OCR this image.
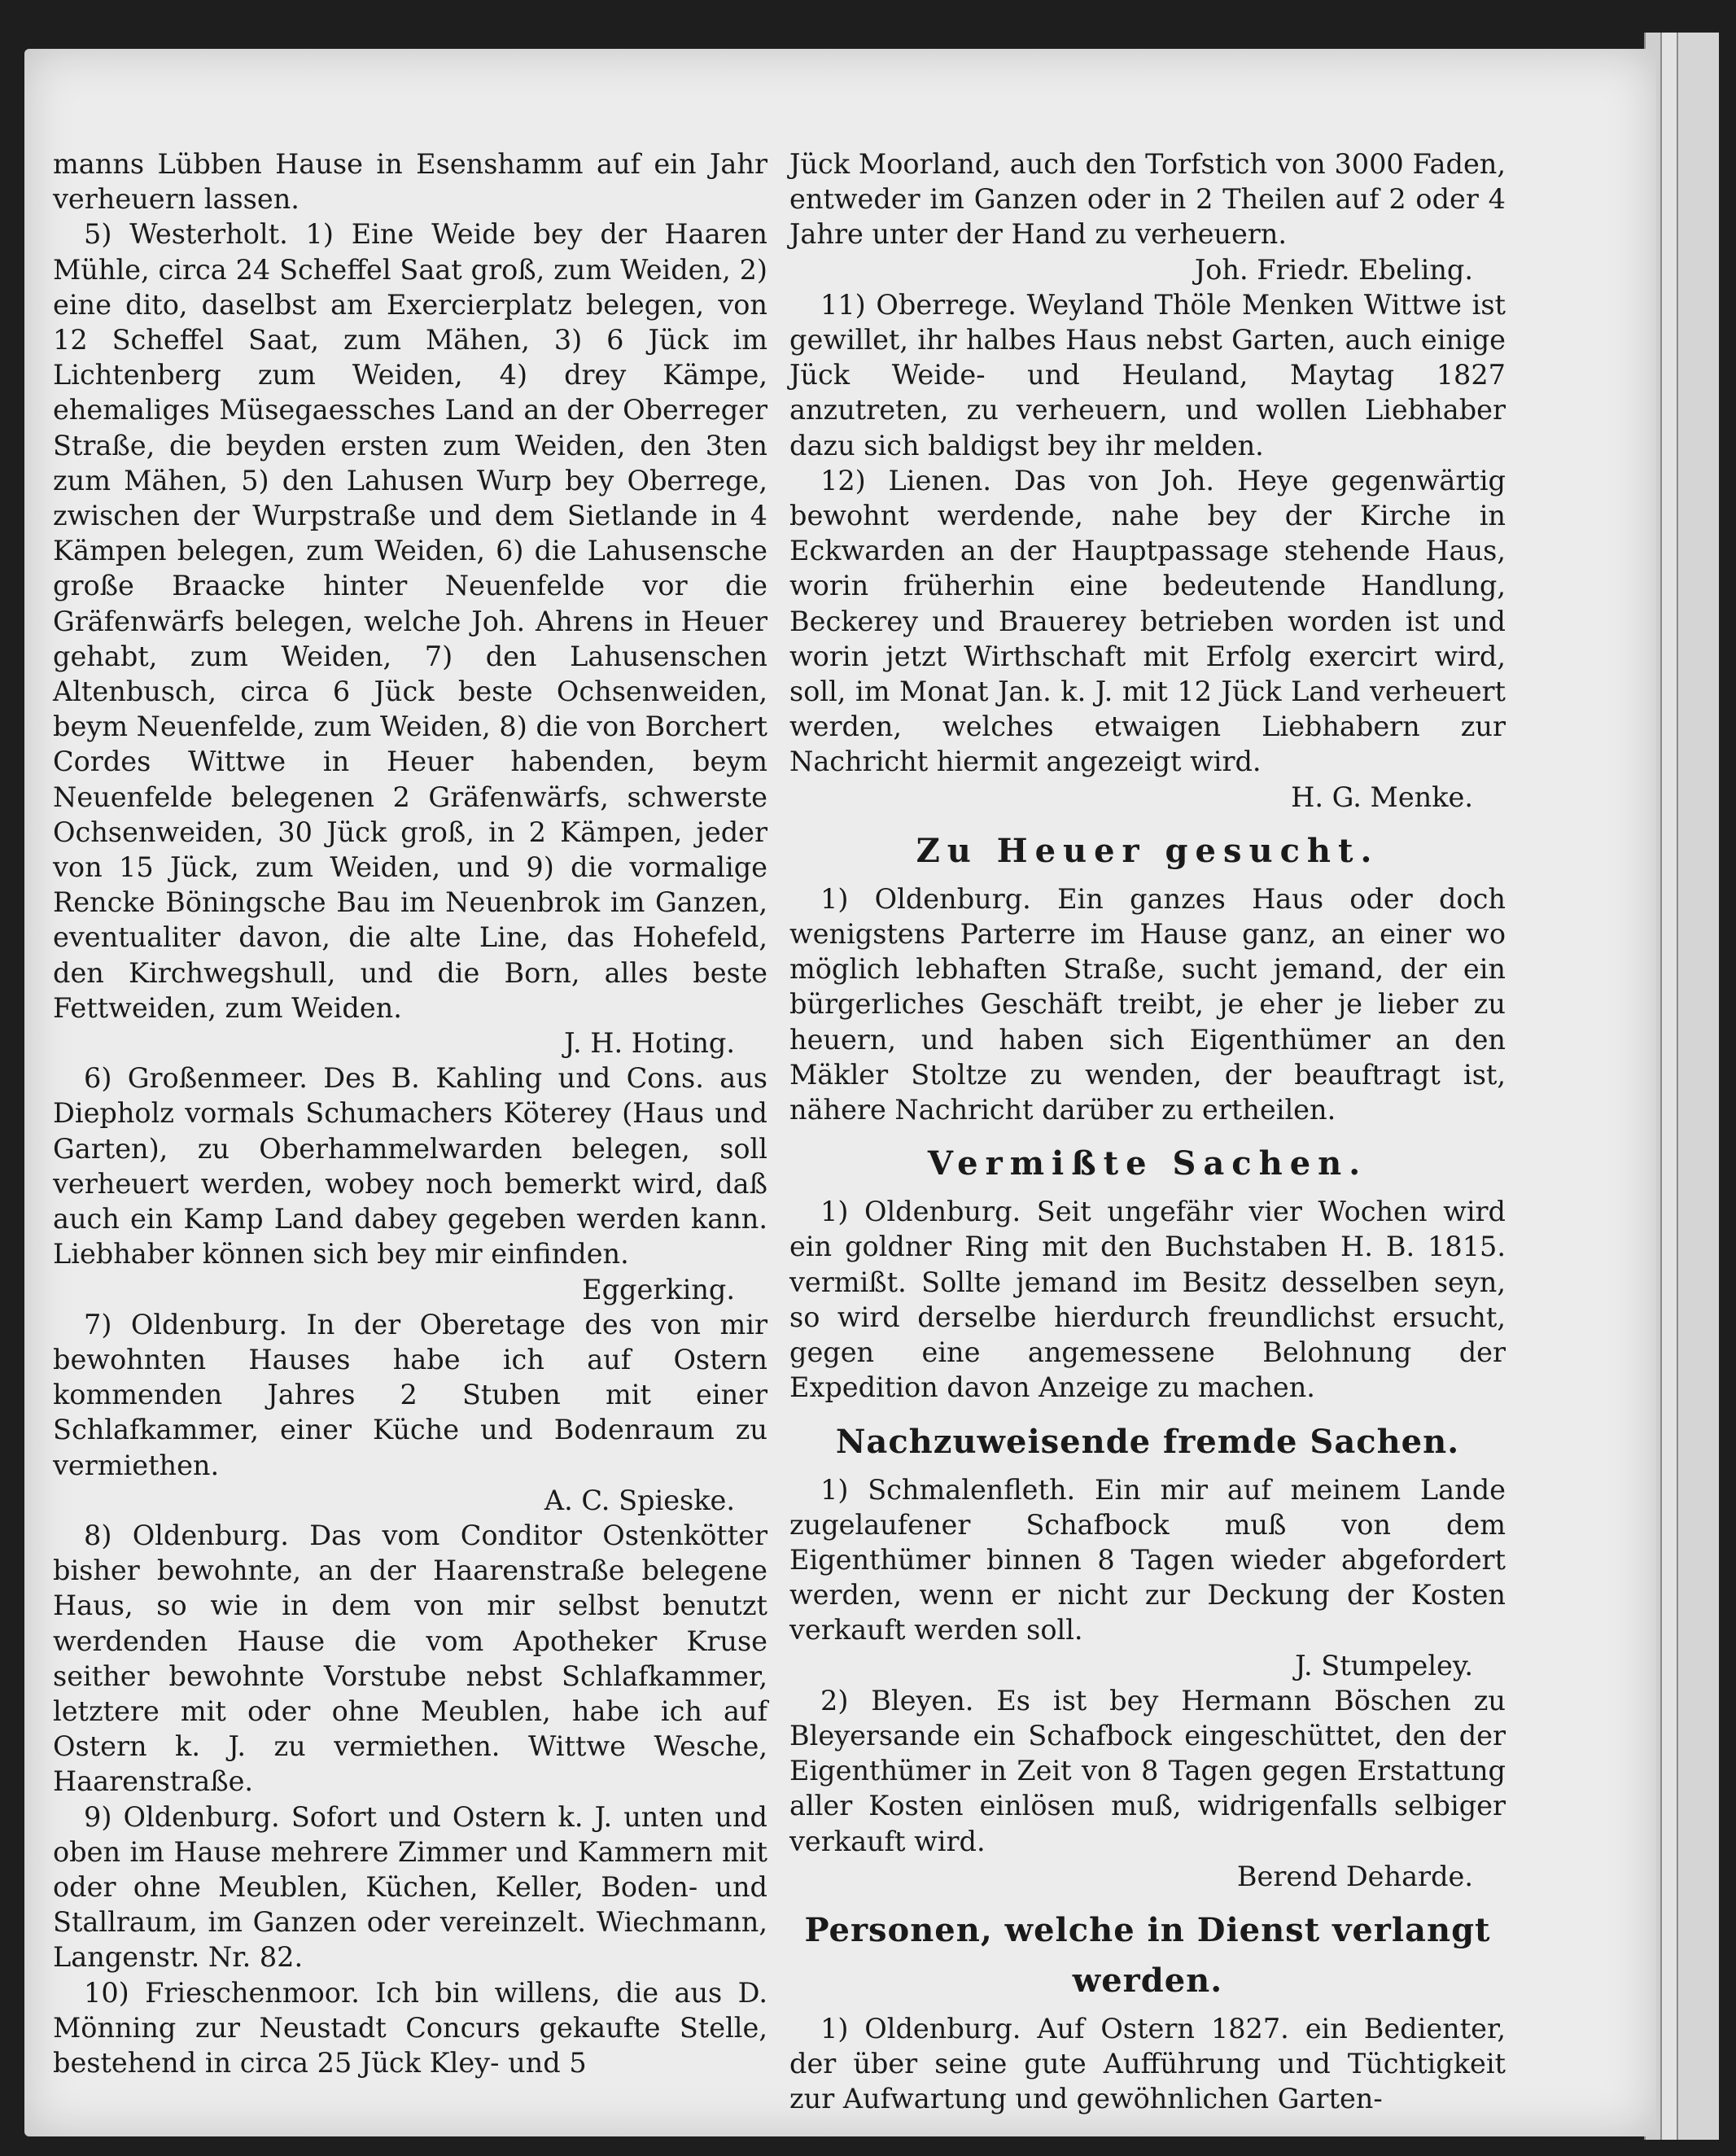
manns Lübben Hause in Esenshamm auf ein Jahr verheuern lassen.

5) Westerholt. 1) Eine Weide bey der Haaren Mühle, circa 24 Scheffel Saat groß, zum Weiden, 2) eine dito, daselbst am Exercierplatz belegen, von 12 Scheffel Saat, zum Mähen, 3) 6 Jück im Lichtenberg zum Weiden, 4) drey Kämpe, ehemaliges Müsegaessches Land an der Oberreger Straße, die beyden ersten zum Weiden, den 3ten zum Mähen, 5) den Lahusen Wurp bey Oberrege, zwischen der Wurpstraße und dem Sietlande in 4 Kämpen belegen, zum Weiden, 6) die Lahusensche große Braacke hinter Neuenfelde vor die Gräfenwärfs belegen, welche Joh. Ahrens in Heuer gehabt, zum Weiden, 7) den Lahusenschen Altenbusch, circa 6 Jück beste Ochsenweiden, beym Neuenfelde, zum Weiden, 8) die von Borchert Cordes Wittwe in Heuer habenden, beym Neuenfelde belegenen 2 Gräfenwärfs, schwerste Ochsenweiden, 30 Jück groß, in 2 Kämpen, jeder von 15 Jück, zum Weiden, und 9) die vormalige Rencke Böningsche Bau im Neuenbrok im Ganzen, eventualiter davon, die alte Line, das Hohefeld, den Kirchwegshull, und die Born, alles beste Fettweiden, zum Weiden.

J. H. Hoting.

6) Großenmeer. Des B. Kahling und Cons. aus Diepholz vormals Schumachers Köterey (Haus und Garten), zu Oberhammelwarden belegen, soll verheuert werden, wobey noch bemerkt wird, daß auch ein Kamp Land dabey gegeben werden kann. Liebhaber können sich bey mir einfinden.

Eggerking.

7) Oldenburg. In der Oberetage des von mir bewohnten Hauses habe ich auf Ostern kommenden Jahres 2 Stuben mit einer Schlafkammer, einer Küche und Bodenraum zu vermiethen.

A. C. Spieske.

8) Oldenburg. Das vom Conditor Ostenkötter bisher bewohnte, an der Haarenstraße belegene Haus, so wie in dem von mir selbst benutzt werdenden Hause die vom Apotheker Kruse seither bewohnte Vorstube nebst Schlafkammer, letztere mit oder ohne Meublen, habe ich auf Ostern k. J. zu vermiethen. Wittwe Wesche, Haarenstraße.

9) Oldenburg. Sofort und Ostern k. J. unten und oben im Hause mehrere Zimmer und Kammern mit oder ohne Meublen, Küchen, Keller, Boden- und Stallraum, im Ganzen oder vereinzelt. Wiechmann, Langenstr. Nr. 82.

10) Frieschenmoor. Ich bin willens, die aus D. Mönning zur Neustadt Concurs gekaufte Stelle, bestehend in circa 25 Jück Kley- und 5

Jück Moorland, auch den Torfstich von 3000 Faden, entweder im Ganzen oder in 2 Theilen auf 2 oder 4 Jahre unter der Hand zu verheuern.

Joh. Friedr. Ebeling.

11) Oberrege. Weyland Thöle Menken Wittwe ist gewillet, ihr halbes Haus nebst Garten, auch einige Jück Weide- und Heuland, Maytag 1827 anzutreten, zu verheuern, und wollen Liebhaber dazu sich baldigst bey ihr melden.

12) Lienen. Das von Joh. Heye gegenwärtig bewohnt werdende, nahe bey der Kirche in Eckwarden an der Hauptpassage stehende Haus, worin früherhin eine bedeutende Handlung, Beckerey und Brauerey betrieben worden ist und worin jetzt Wirthschaft mit Erfolg exercirt wird, soll, im Monat Jan. k. J. mit 12 Jück Land verheuert werden, welches etwaigen Liebhabern zur Nachricht hiermit angezeigt wird.

H. G. Menke.

Zu Heuer gesucht.

1) Oldenburg. Ein ganzes Haus oder doch wenigstens Parterre im Hause ganz, an einer wo möglich lebhaften Straße, sucht jemand, der ein bürgerliches Geschäft treibt, je eher je lieber zu heuern, und haben sich Eigenthümer an den Mäkler Stoltze zu wenden, der beauftragt ist, nähere Nachricht darüber zu ertheilen.

Vermißte Sachen.

1) Oldenburg. Seit ungefähr vier Wochen wird ein goldner Ring mit den Buchstaben H. B. 1815. vermißt. Sollte jemand im Besitz desselben seyn, so wird derselbe hierdurch freundlichst ersucht, gegen eine angemessene Belohnung der Expedition davon Anzeige zu machen.

Nachzuweisende fremde Sachen.

1) Schmalenfleth. Ein mir auf meinem Lande zugelaufener Schafbock muß von dem Eigenthümer binnen 8 Tagen wieder abgefordert werden, wenn er nicht zur Deckung der Kosten verkauft werden soll.

J. Stumpeley.

2) Bleyen. Es ist bey Hermann Böschen zu Bleyersande ein Schafbock eingeschüttet, den der Eigenthümer in Zeit von 8 Tagen gegen Erstattung aller Kosten einlösen muß, widrigenfalls selbiger verkauft wird.

Berend Deharde.

Personen, welche in Dienst verlangt werden.

1) Oldenburg. Auf Ostern 1827. ein Bedienter, der über seine gute Aufführung und Tüchtigkeit zur Aufwartung und gewöhnlichen Garten-
